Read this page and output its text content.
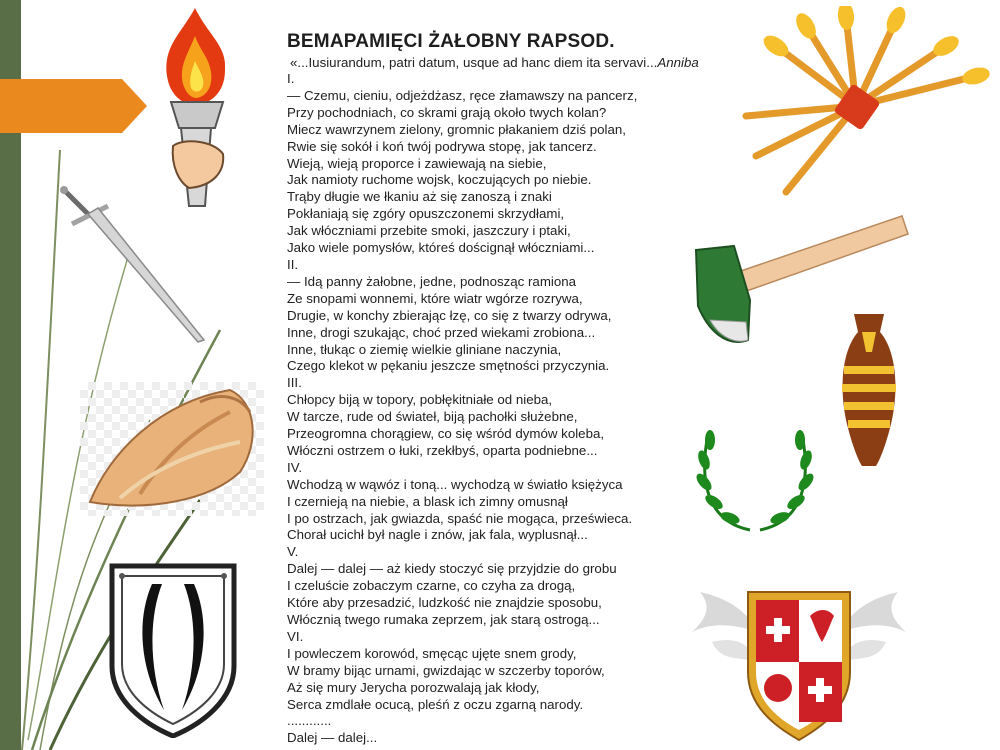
BEMAPAMIĘCI ŻAŁOBNY RAPSOD.
«...Iusiurandum, patri datum, usque ad hanc diem ita servavi...Anniba
I.
— Czemu, cieniu, odjeżdżasz, ręce złamawszy na pancerz,
Przy pochodniach, co skrami grają około twych kolan?
Miecz wawrzynem zielony, gromnic płakaniem dziś polan,
Rwie się sokół i koń twój podrywa stopę, jak tancerz.
Wieją, wieją proporce i zawiewają na siebie,
Jak namioty ruchome wojsk, koczujących po niebie.
Trąby długie we łkaniu aż się zanoszą i znaki
Pokłaniają się zgóry opuszczonemi skrzydłami,
Jak włóczniami przebite smoki, jaszczury i ptaki,
Jako wiele pomysłów, któreś doścignął włóczniami...
II.
— Idą panny żałobne, jedne, podnosząc ramiona
Ze snopami wonnemi, które wiatr wgórze rozrywa,
Drugie, w konchy zbierając łzę, co się z twarzy odrywa,
Inne, drogi szukając, choć przed wiekami zrobiona...
Inne, tłukąc o ziemię wielkie gliniane naczynia,
Czego klekot w pękaniu jeszcze smętności przyczynia.
III.
Chłopcy biją w topory, pobłękitniałe od nieba,
W tarcze, rude od świateł, biją pachołki służebne,
Przeogromna chorągiew, co się wśród dymów koleba,
Włóczni ostrzem o łuki, rzekłbyś, oparta podniebne...
IV.
Wchodzą w wąwóz i toną... wychodzą w światło księżyca
I czernieją na niebie, a blask ich zimny omusnął
I po ostrzach, jak gwiazda, spaść nie mogąca, prześwieca.
Chorał ucichł był nagle i znów, jak fala, wyplusnął...
V.
Dalej — dalej — aż kiedy stoczyć się przyjdzie do grobu
I czeluście zobaczym czarne, co czyha za drogą,
Które aby przesadzić, ludzkość nie znajdzie sposobu,
Włócznią twego rumaka zeprzem, jak starą ostrogą...
VI.
I powleczem korowód, smęcąc ujęte snem grody,
W bramy bijąc urnami, gwizdając w szczerby toporów,
Aż się mury Jerycha porozwalają jak kłody,
Serca zmdlałe ocucą, pleśń z oczu zgarną narody.
............
Dalej — dalej...
